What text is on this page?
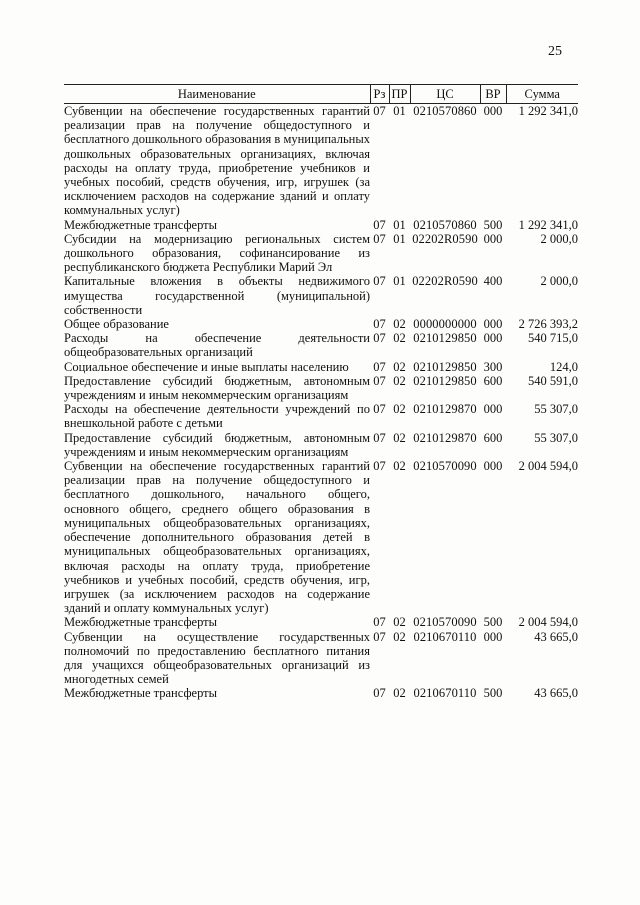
25
Наименование	Рз	ПР	ЦС	ВР	Сумма
Субвенции на обеспечение государственных гарантий реализации прав на получение общедоступного и бесплатного дошкольного образования в муниципальных дошкольных образовательных организациях, включая расходы на оплату труда, приобретение учебников и учебных пособий, средств обучения, игр, игрушек (за исключением расходов на содержание зданий и оплату коммунальных услуг)	07	01	0210570860	000	1 292 341,0
Межбюджетные трансферты	07	01	0210570860	500	1 292 341,0
Субсидии на модернизацию региональных систем дошкольного образования, софинансирование из республиканского бюджета Республики Марий Эл	07	01	02202R0590	000	2 000,0
Капитальные вложения в объекты недвижимого имущества государственной (муниципальной) собственности	07	01	02202R0590	400	2 000,0
Общее образование	07	02	0000000000	000	2 726 393,2
Расходы на обеспечение деятельности общеобразовательных организаций	07	02	0210129850	000	540 715,0
Социальное обеспечение и иные выплаты населению	07	02	0210129850	300	124,0
Предоставление субсидий бюджетным, автономным учреждениям и иным некоммерческим организациям	07	02	0210129850	600	540 591,0
Расходы на обеспечение деятельности учреждений по внешкольной работе с детьми	07	02	0210129870	000	55 307,0
Предоставление субсидий бюджетным, автономным учреждениям и иным некоммерческим организациям	07	02	0210129870	600	55 307,0
Субвенции на обеспечение государственных гарантий реализации прав на получение общедоступного и бесплатного дошкольного, начального общего, основного общего, среднего общего образования в муниципальных общеобразовательных организациях, обеспечение дополнительного образования детей в муниципальных общеобразовательных организациях, включая расходы на оплату труда, приобретение учебников и учебных пособий, средств обучения, игр, игрушек (за исключением расходов на содержание зданий и оплату коммунальных услуг)	07	02	0210570090	000	2 004 594,0
Межбюджетные трансферты	07	02	0210570090	500	2 004 594,0
Субвенции на осуществление государственных полномочий по предоставлению бесплатного питания для учащихся общеобразовательных организаций из многодетных семей	07	02	0210670110	000	43 665,0
Межбюджетные трансферты	07	02	0210670110	500	43 665,0
